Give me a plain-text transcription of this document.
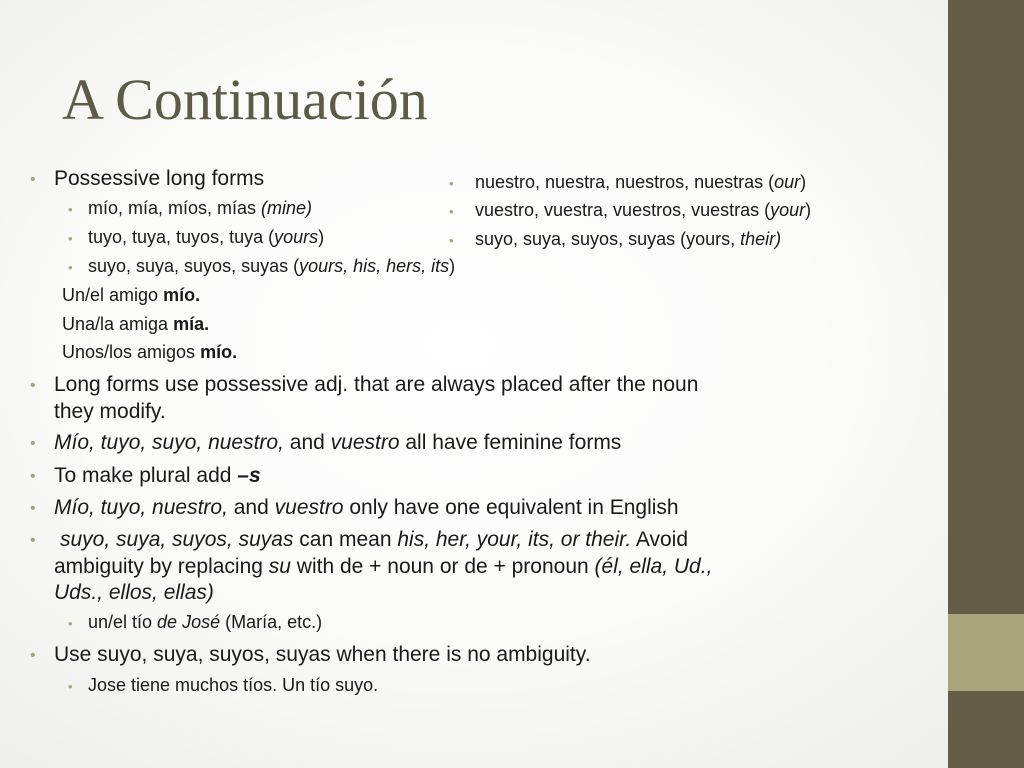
A Continuación
• Possessive long forms
• mío, mía, míos, mías (mine)
• tuyo, tuya, tuyos, tuya (yours)
• suyo, suya, suyos, suyas (yours, his, hers, its)
Un/el amigo mío.
Una/la amiga mía.
Unos/los amigos mío.
• nuestro, nuestra, nuestros, nuestras (our)
• vuestro, vuestra, vuestros, vuestras (your)
• suyo, suya, suyos, suyas (yours, their)
• Long forms use possessive adj. that are always placed after the noun
they modify.
• Mío, tuyo, suyo, nuestro, and vuestro all have feminine forms
• To make plural add –s
• Mío, tuyo, nuestro, and vuestro only have one equivalent in English
• suyo, suya, suyos, suyas can mean his, her, your, its, or their. Avoid
ambiguity by replacing su with de + noun or de + pronoun (él, ella, Ud.,
Uds., ellos, ellas)
• un/el tío de José (María, etc.)
• Use suyo, suya, suyos, suyas when there is no ambiguity.
• Jose tiene muchos tíos. Un tío suyo.
